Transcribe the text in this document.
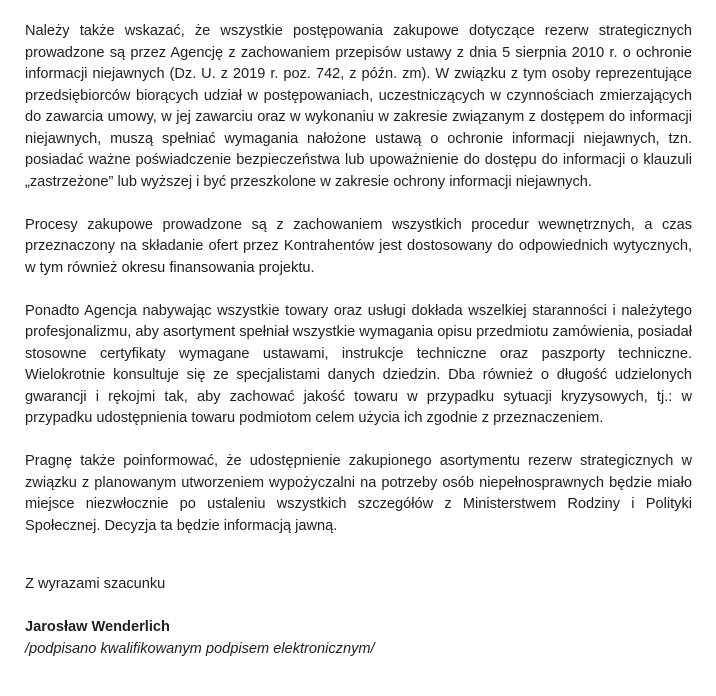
Należy także wskazać, że wszystkie postępowania zakupowe dotyczące rezerw strategicznych prowadzone są przez Agencję z zachowaniem przepisów ustawy z dnia 5 sierpnia 2010 r. o ochronie informacji niejawnych (Dz. U. z 2019 r. poz. 742, z późn. zm). W związku z tym osoby reprezentujące przedsiębiorców biorących udział w postępowaniach, uczestniczących w czynnościach zmierzających do zawarcia umowy, w jej zawarciu oraz w wykonaniu w zakresie związanym z dostępem do informacji niejawnych, muszą spełniać wymagania nałożone ustawą o ochronie informacji niejawnych, tzn. posiadać ważne poświadczenie bezpieczeństwa lub upoważnienie do dostępu do informacji o klauzuli „zastrzeżone” lub wyższej i być przeszkolone w zakresie ochrony informacji niejawnych.

Procesy zakupowe prowadzone są z zachowaniem wszystkich procedur wewnętrznych, a czas przeznaczony na składanie ofert przez Kontrahentów jest dostosowany do odpowiednich wytycznych, w tym również okresu finansowania projektu.

Ponadto Agencja nabywając wszystkie towary oraz usługi dokłada wszelkiej staranności i należytego profesjonalizmu, aby asortyment spełniał wszystkie wymagania opisu przedmiotu zamówienia, posiadał stosowne certyfikaty wymagane ustawami, instrukcje techniczne oraz paszporty techniczne. Wielokrotnie konsultuje się ze specjalistami danych dziedzin. Dba również o długość udzielonych gwarancji i rękojmi tak, aby zachować jakość towaru w przypadku sytuacji kryzysowych, tj.: w przypadku udostępnienia towaru podmiotom celem użycia ich zgodnie z przeznaczeniem.

Pragnę także poinformować, że udostępnienie zakupionego asortymentu rezerw strategicznych w związku z planowanym utworzeniem wypożyczalni na potrzeby osób niepełnosprawnych będzie miało miejsce niezwłocznie po ustaleniu wszystkich szczegółów z Ministerstwem Rodziny i Polityki Społecznej. Decyzja ta będzie informacją jawną.

Z wyrazami szacunku

Jarosław Wenderlich

/podpisano kwalifikowanym podpisem elektronicznym/
